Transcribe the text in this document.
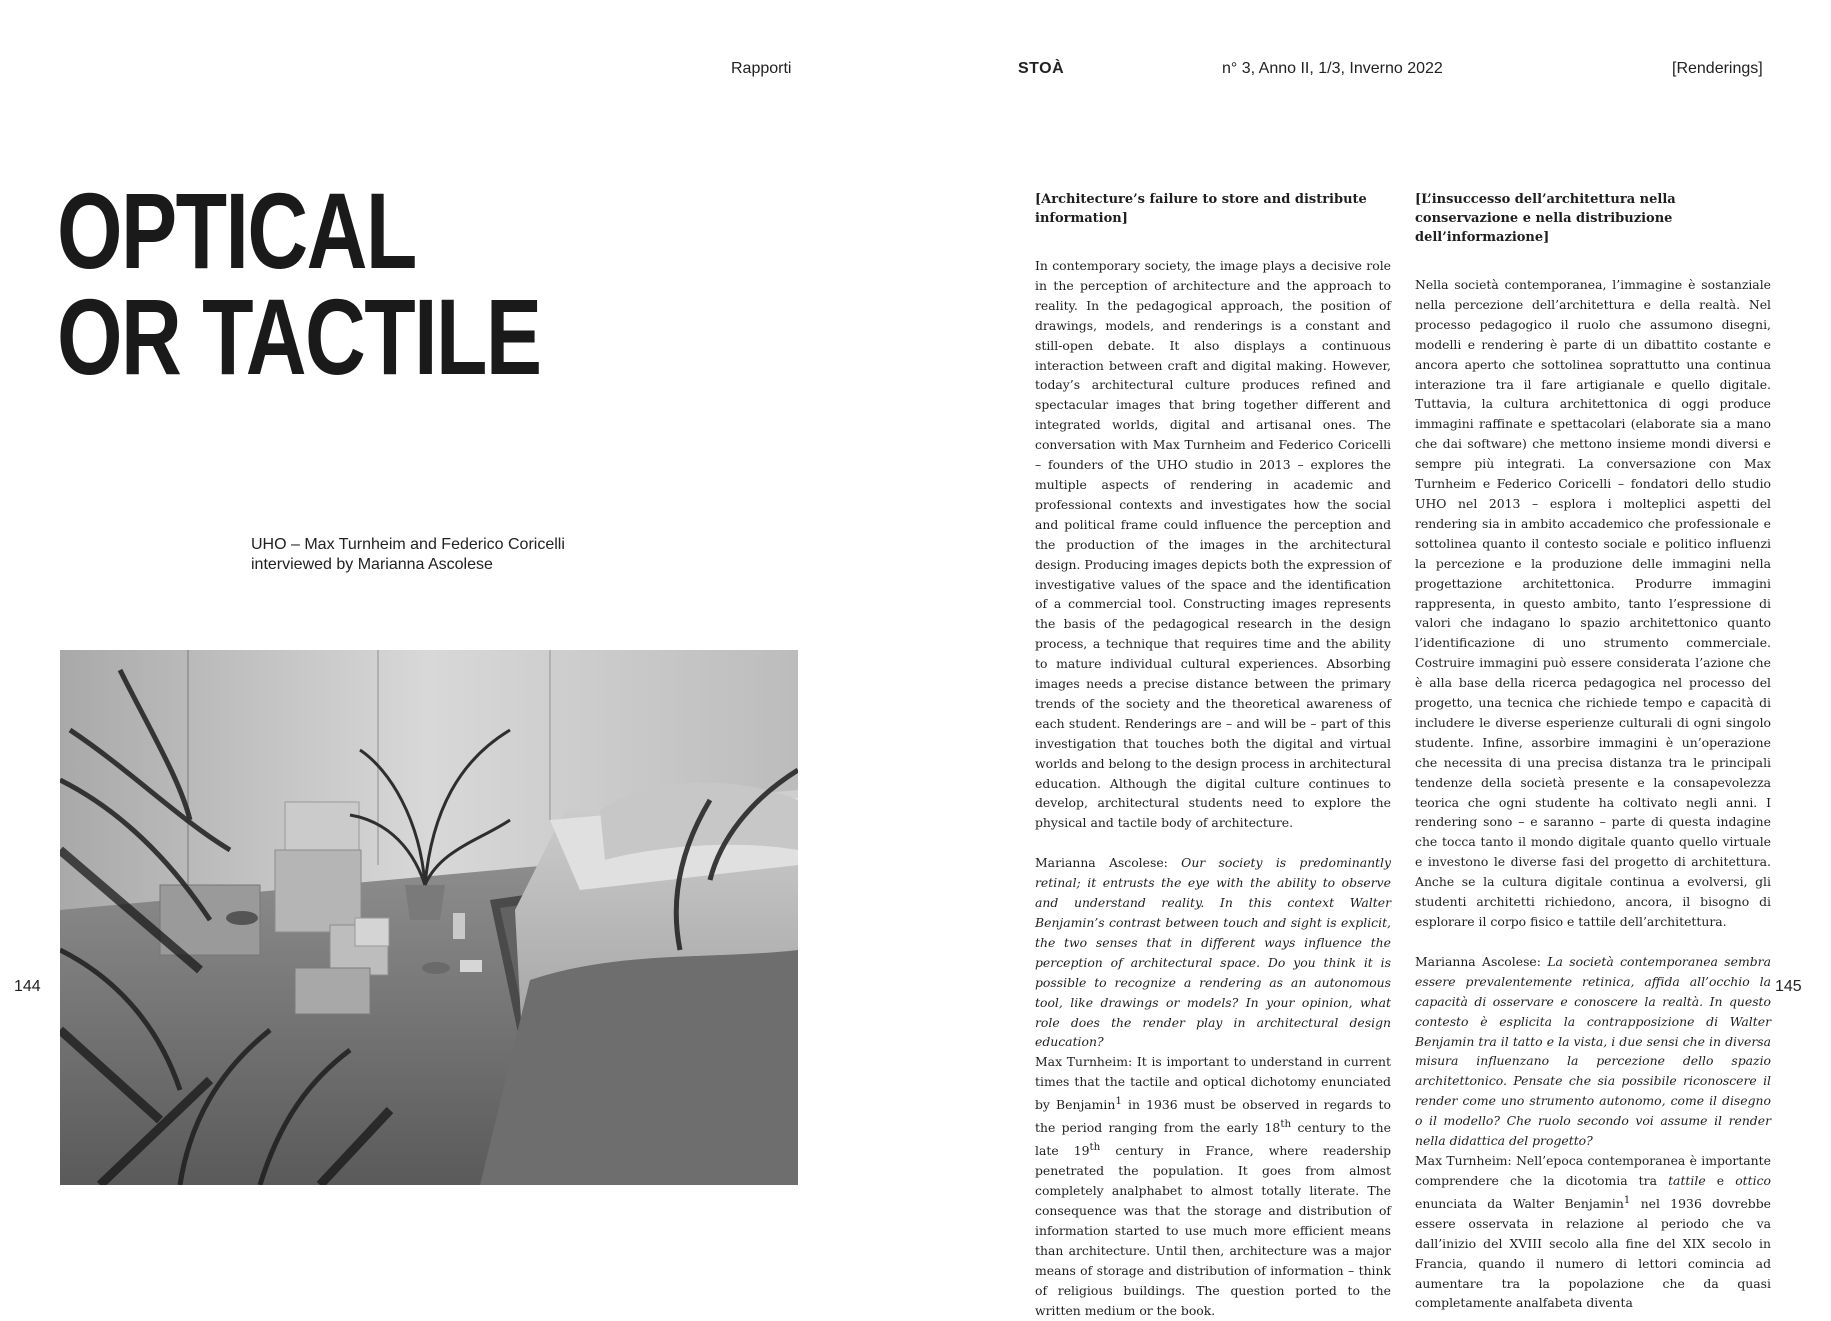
Rapporti	STOÀ	n° 3, Anno II, 1/3, Inverno 2022	[Renderings]
OPTICAL
OR TACTILE

UHO – Max Turnheim and Federico Coricelli
interviewed by Marianna Ascolese

144	145
[Architecture’s failure to store and distribute information]

In contemporary society, the image plays a decisive role in the perception of architecture and the approach to reality. In the pedagogical approach, the position of drawings, models, and renderings is a constant and still-open debate. It also displays a continuous interaction between craft and digital making. However, today’s architectural culture produces refined and spectacular images that bring together different and integrated worlds, digital and artisanal ones. The conversation with Max Turnheim and Federico Coricelli – founders of the UHO studio in 2013 – explores the multiple aspects of rendering in academic and professional contexts and investigates how the social and political frame could influence the perception and the production of the images in the architectural design. Producing images depicts both the expression of investigative values of the space and the identification of a commercial tool. Constructing images represents the basis of the pedagogical research in the design process, a technique that requires time and the ability to mature individual cultural experiences. Absorbing images needs a precise distance between the primary trends of the society and the theoretical awareness of each student. Renderings are – and will be – part of this investigation that touches both the digital and virtual worlds and belong to the design process in architectural education. Although the digital culture continues to develop, architectural students need to explore the physical and tactile body of architecture.

Marianna Ascolese: Our society is predominantly retinal; it entrusts the eye with the ability to observe and understand reality. In this context Walter Benjamin’s contrast between touch and sight is explicit, the two senses that in different ways influence the perception of architectural space. Do you think it is possible to recognize a rendering as an autonomous tool, like drawings or models? In your opinion, what role does the render play in architectural design education?

Max Turnheim: It is important to understand in current times that the tactile and optical dichotomy enunciated by Benjamin$^1$ in 1936 must be observed in regards to the period ranging from the early 18th century to the late 19th century in France, where readership penetrated the population. It goes from almost completely analphabet to almost totally literate. The consequence was that the storage and distribution of information started to use much more efficient means than architecture. Until then, architecture was a major means of storage and distribution of information – think of religious buildings. The question ported to the written medium or the book.

[L’insuccesso dell’architettura nella conservazione e nella distribuzione dell’informazione]

Nella società contemporanea, l’immagine è sostanziale nella percezione dell’architettura e della realtà. Nel processo pedagogico il ruolo che assumono disegni, modelli e rendering è parte di un dibattito costante e ancora aperto che sottolinea soprattutto una continua interazione tra il fare artigianale e quello digitale. Tuttavia, la cultura architettonica di oggi produce immagini raffinate e spettacolari (elaborate sia a mano che dai software) che mettono insieme mondi diversi e sempre più integrati. La conversazione con Max Turnheim e Federico Coricelli – fondatori dello studio UHO nel 2013 – esplora i molteplici aspetti del rendering sia in ambito accademico che professionale e sottolinea quanto il contesto sociale e politico influenzi la percezione e la produzione delle immagini nella progettazione architettonica. Produrre immagini rappresenta, in questo ambito, tanto l’espressione di valori che indagano lo spazio architettonico quanto l’identificazione di uno strumento commerciale. Costruire immagini può essere considerata l’azione che è alla base della ricerca pedagogica nel processo del progetto, una tecnica che richiede tempo e capacità di includere le diverse esperienze culturali di ogni singolo studente. Infine, assorbire immagini è un’operazione che necessita di una precisa distanza tra le principali tendenze della società presente e la consapevolezza teorica che ogni studente ha coltivato negli anni. I rendering sono – e saranno – parte di questa indagine che tocca tanto il mondo digitale quanto quello virtuale e investono le diverse fasi del progetto di architettura. Anche se la cultura digitale continua a evolversi, gli studenti architetti richiedono, ancora, il bisogno di esplorare il corpo fisico e tattile dell’architettura.

Marianna Ascolese: La società contemporanea sembra essere prevalentemente retinica, affida all’occhio la capacità di osservare e conoscere la realtà. In questo contesto è esplicita la contrapposizione di Walter Benjamin tra il tatto e la vista, i due sensi che in diversa misura influenzano la percezione dello spazio architettonico. Pensate che sia possibile riconoscere il render come uno strumento autonomo, come il disegno o il modello? Che ruolo secondo voi assume il render nella didattica del progetto?

Max Turnheim: Nell’epoca contemporanea è importante comprendere che la dicotomia tra tattile e ottico enunciata da Walter Benjamin$^1$ nel 1936 dovrebbe essere osservata in relazione al periodo che va dall’inizio del XVIII secolo alla fine del XIX secolo in Francia, quando il numero di lettori comincia ad aumentare tra la popolazione che da quasi completamente analfabeta diventa
